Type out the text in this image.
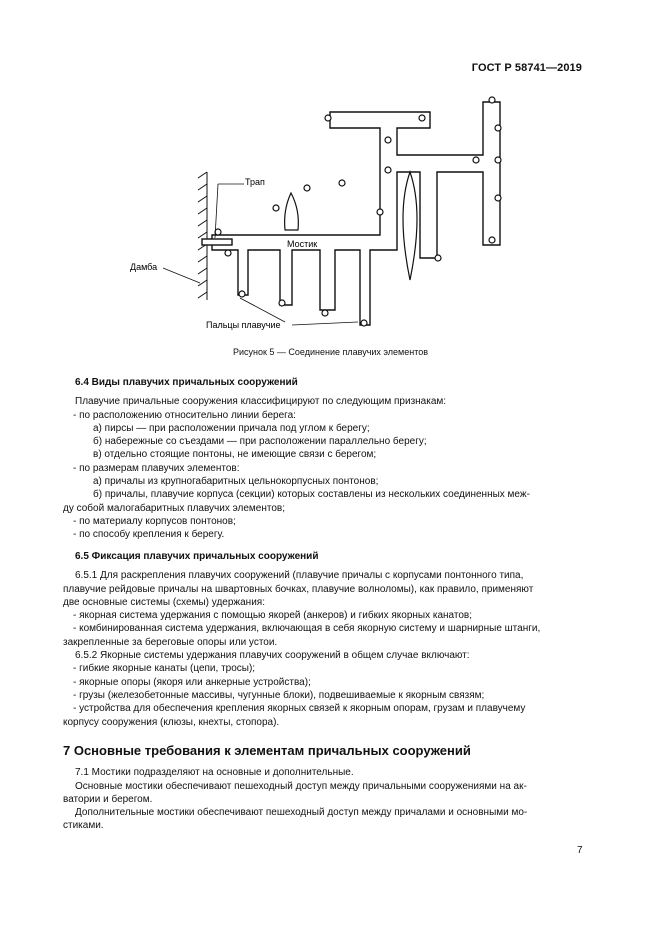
ГОСТ Р 58741—2019
Трап
Мостик
Дамба
Пальцы плавучие
Рисунок 5 — Соединение плавучих элементов

6.4 Виды плавучих причальных сооружений

Плавучие причальные сооружения классифицируют по следующим признакам:

- по расположению относительно линии берега:

а) пирсы — при расположении причала под углом к берегу;

б) набережные со съездами — при расположении параллельно берегу;

в) отдельно стоящие понтоны, не имеющие связи с берегом;

- по размерам плавучих элементов:

а) причалы из крупногабаритных цельнокорпусных понтонов;

б) причалы, плавучие корпуса (секции) которых составлены из нескольких соединенных меж-

ду собой малогабаритных плавучих элементов;

- по материалу корпусов понтонов;

- по способу крепления к берегу.

6.5 Фиксация плавучих причальных сооружений

6.5.1 Для раскрепления плавучих сооружений (плавучие причалы с корпусами понтонного типа,

плавучие рейдовые причалы на швартовных бочках, плавучие волноломы), как правило, применяют

две основные системы (схемы) удержания:

- якорная система удержания с помощью якорей (анкеров) и гибких якорных канатов;

- комбинированная система удержания, включающая в себя якорную систему и шарнирные штанги,

закрепленные за береговые опоры или устои.

6.5.2 Якорные системы удержания плавучих сооружений в общем случае включают:

- гибкие якорные канаты (цепи, тросы);

- якорные опоры (якоря или анкерные устройства);

- грузы (железобетонные массивы, чугунные блоки), подвешиваемые к якорным связям;

- устройства для обеспечения крепления якорных связей к якорным опорам, грузам и плавучему

корпусу сооружения (клюзы, кнехты, стопора).

7 Основные требования к элементам причальных сооружений

7.1 Мостики подразделяют на основные и дополнительные.

Основные мостики обеспечивают пешеходный доступ между причальными сооружениями на ак-

ватории и берегом.

Дополнительные мостики обеспечивают пешеходный доступ между причалами и основными мо-

стиками.

7
